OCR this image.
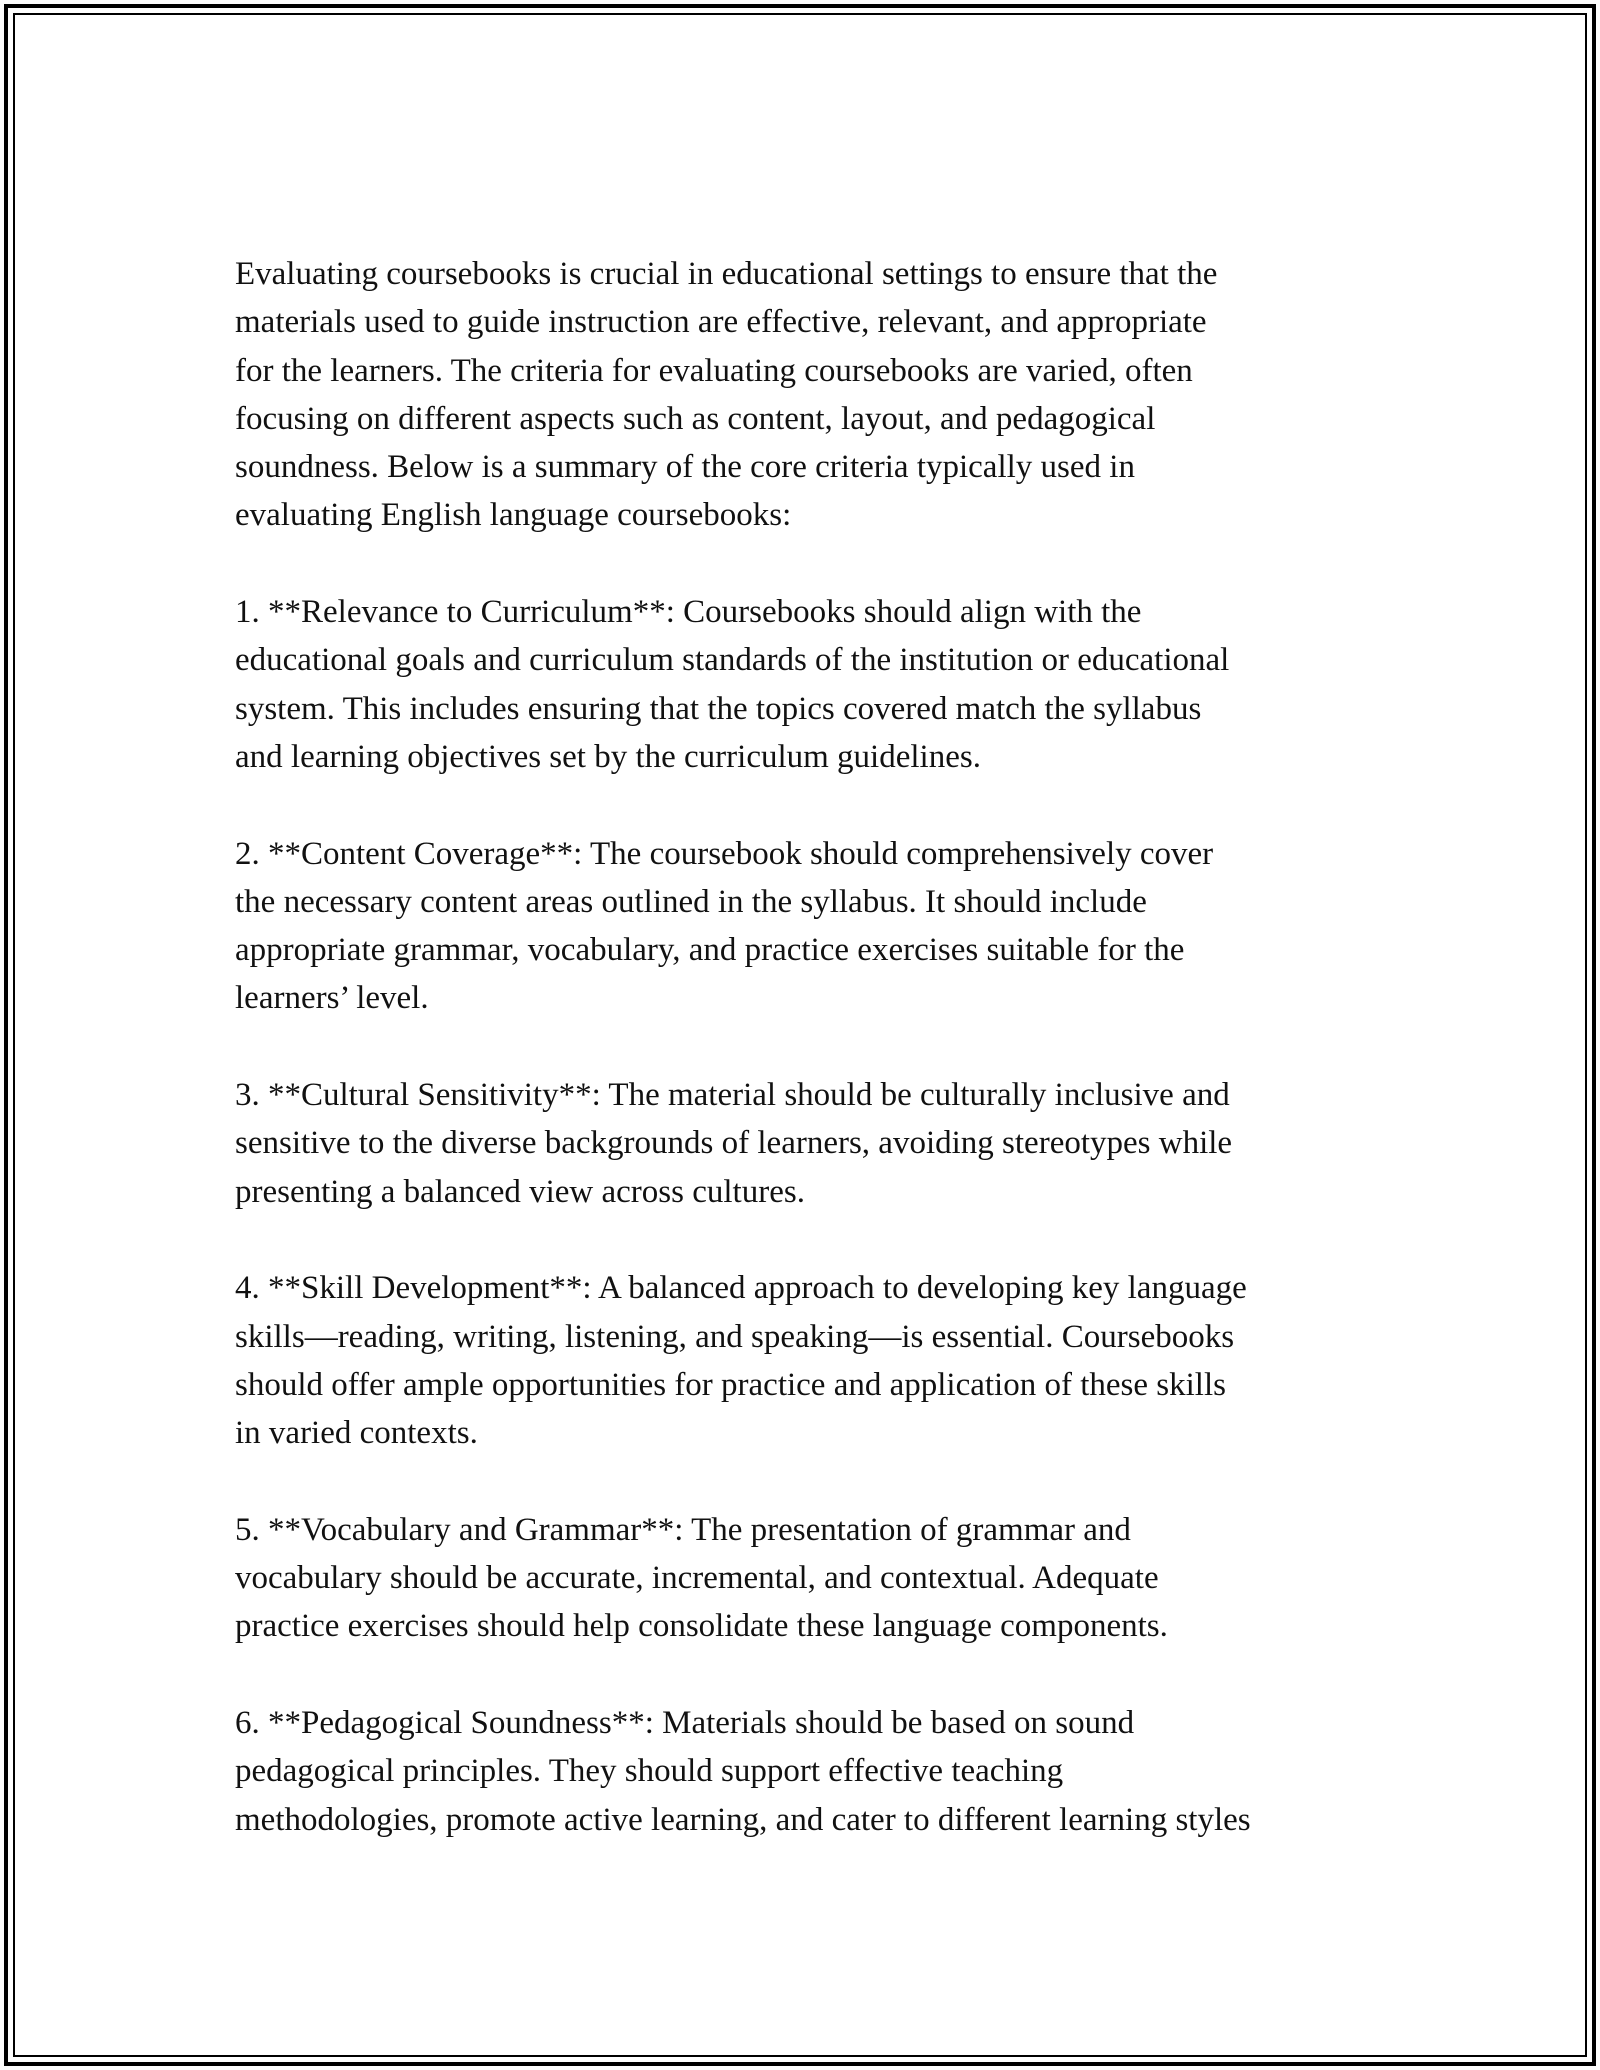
Evaluating coursebooks is crucial in educational settings to ensure that the
materials used to guide instruction are effective, relevant, and appropriate
for the learners. The criteria for evaluating coursebooks are varied, often
focusing on different aspects such as content, layout, and pedagogical
soundness. Below is a summary of the core criteria typically used in
evaluating English language coursebooks:

1. **Relevance to Curriculum**: Coursebooks should align with the
educational goals and curriculum standards of the institution or educational
system. This includes ensuring that the topics covered match the syllabus
and learning objectives set by the curriculum guidelines.

2. **Content Coverage**: The coursebook should comprehensively cover
the necessary content areas outlined in the syllabus. It should include
appropriate grammar, vocabulary, and practice exercises suitable for the
learners’ level.

3. **Cultural Sensitivity**: The material should be culturally inclusive and
sensitive to the diverse backgrounds of learners, avoiding stereotypes while
presenting a balanced view across cultures.

4. **Skill Development**: A balanced approach to developing key language
skills—reading, writing, listening, and speaking—is essential. Coursebooks
should offer ample opportunities for practice and application of these skills
in varied contexts.

5. **Vocabulary and Grammar**: The presentation of grammar and
vocabulary should be accurate, incremental, and contextual. Adequate
practice exercises should help consolidate these language components.

6. **Pedagogical Soundness**: Materials should be based on sound
pedagogical principles. They should support effective teaching
methodologies, promote active learning, and cater to different learning styles
